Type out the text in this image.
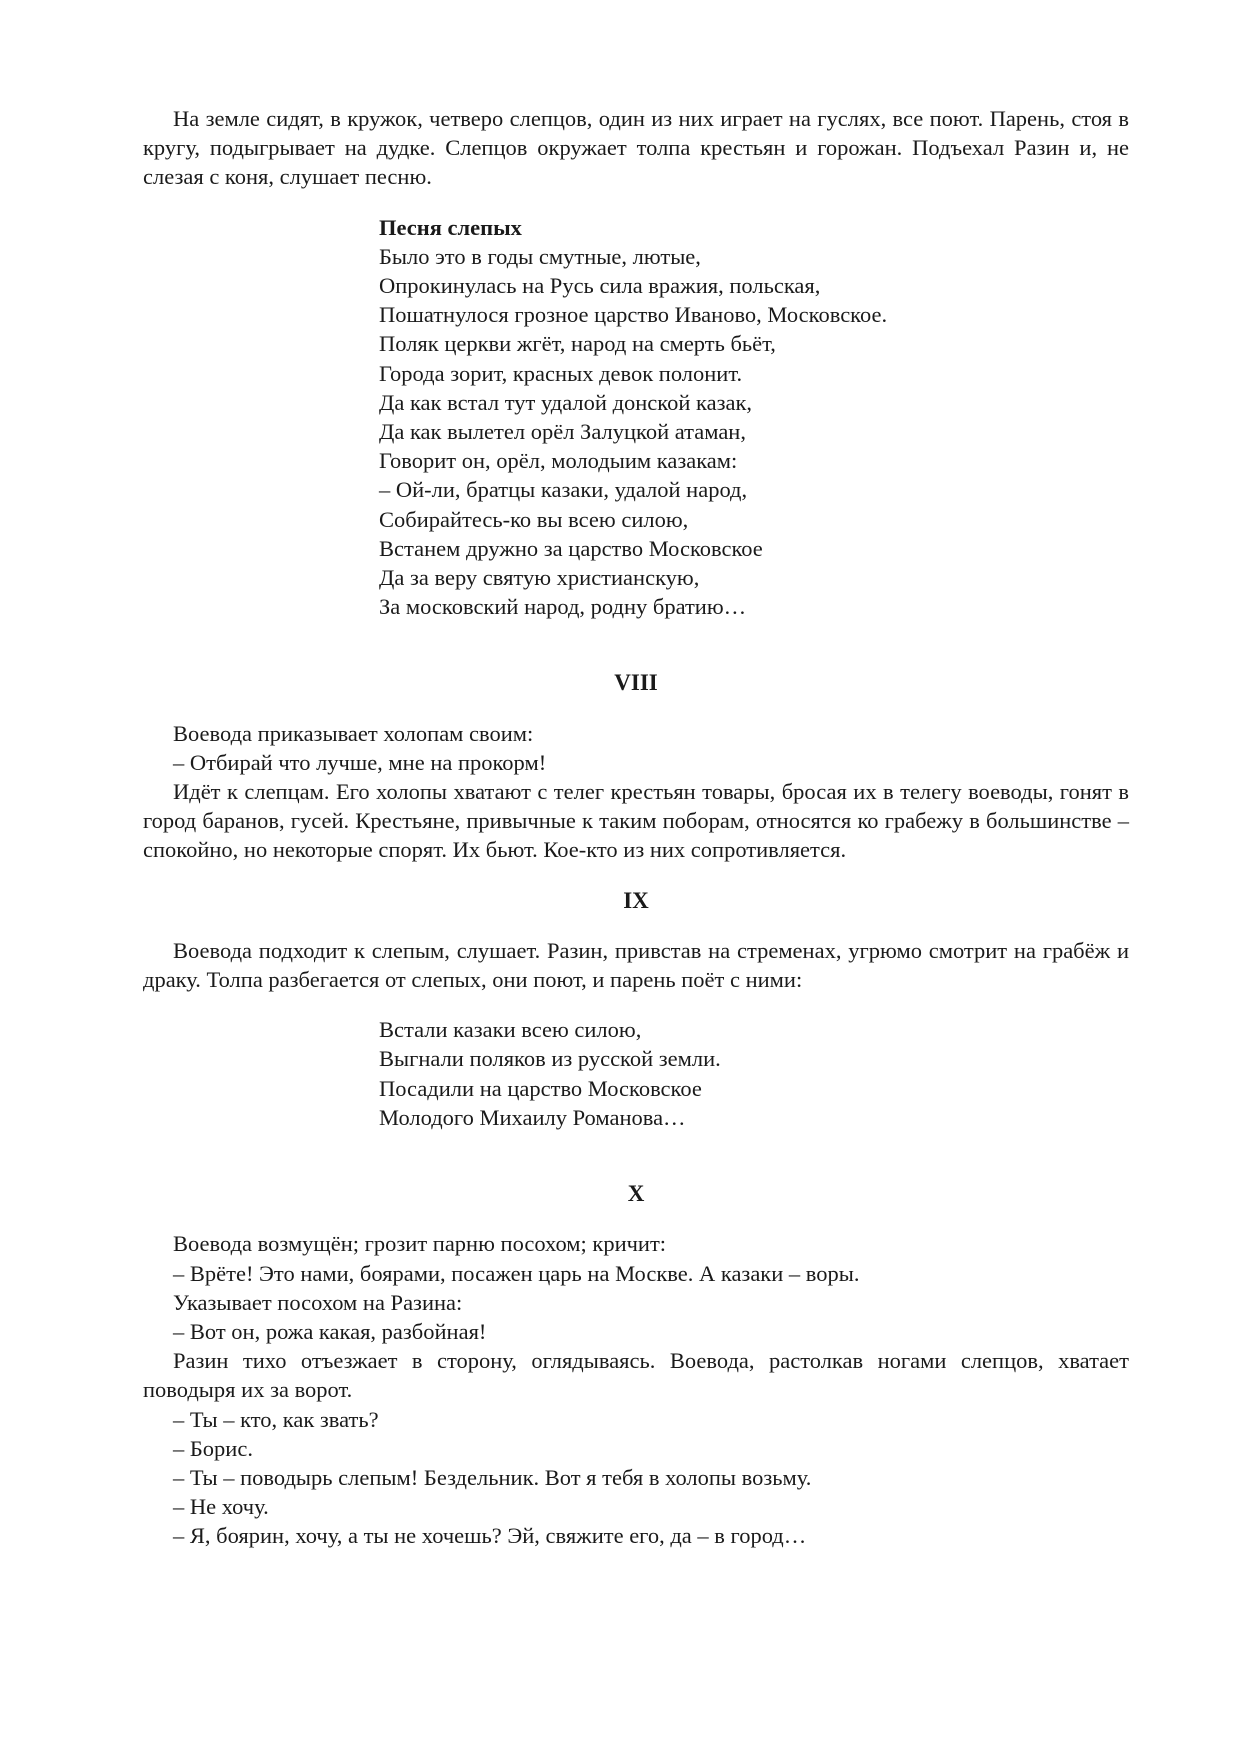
На земле сидят, в кружок, четверо слепцов, один из них играет на гуслях, все поют. Парень, стоя в кругу, подыгрывает на дудке. Слепцов окружает толпа крестьян и горожан. Подъехал Разин и, не слезая с коня, слушает песню.

Песня слепых
Было это в годы смутные, лютые,
Опрокинулась на Русь сила вражия, польская,
Пошатнулося грозное царство Иваново, Московское.
Поляк церкви жгёт, народ на смерть бьёт,
Города зорит, красных девок полонит.
Да как встал тут удалой донской казак,
Да как вылетел орёл Залуцкой атаман,
Говорит он, орёл, молодыим казакам:
– Ой-ли, братцы казаки, удалой народ,
Собирайтесь-ко вы всею силою,
Встанем дружно за царство Московское
Да за веру святую христианскую,
За московский народ, родну братию…
VIII

Воевода приказывает холопам своим:

– Отбирай что лучше, мне на прокорм!

Идёт к слепцам. Его холопы хватают с телег крестьян товары, бросая их в телегу воеводы, гонят в город баранов, гусей. Крестьяне, привычные к таким поборам, относятся ко грабежу в большинстве – спокойно, но некоторые спорят. Их бьют. Кое-кто из них сопротивляется.

IX

Воевода подходит к слепым, слушает. Разин, привстав на стременах, угрюмо смотрит на грабёж и драку. Толпа разбегается от слепых, они поют, и парень поёт с ними:

Встали казаки всею силою,
Выгнали поляков из русской земли.
Посадили на царство Московское
Молодого Михаилу Романова…
X

Воевода возмущён; грозит парню посохом; кричит:

– Врёте! Это нами, боярами, посажен царь на Москве. А казаки – воры.

Указывает посохом на Разина:

– Вот он, рожа какая, разбойная!

Разин тихо отъезжает в сторону, оглядываясь. Воевода, растолкав ногами слепцов, хватает поводыря их за ворот.

– Ты – кто, как звать?

– Борис.

– Ты – поводырь слепым! Бездельник. Вот я тебя в холопы возьму.

– Не хочу.

– Я, боярин, хочу, а ты не хочешь? Эй, свяжите его, да – в город…
